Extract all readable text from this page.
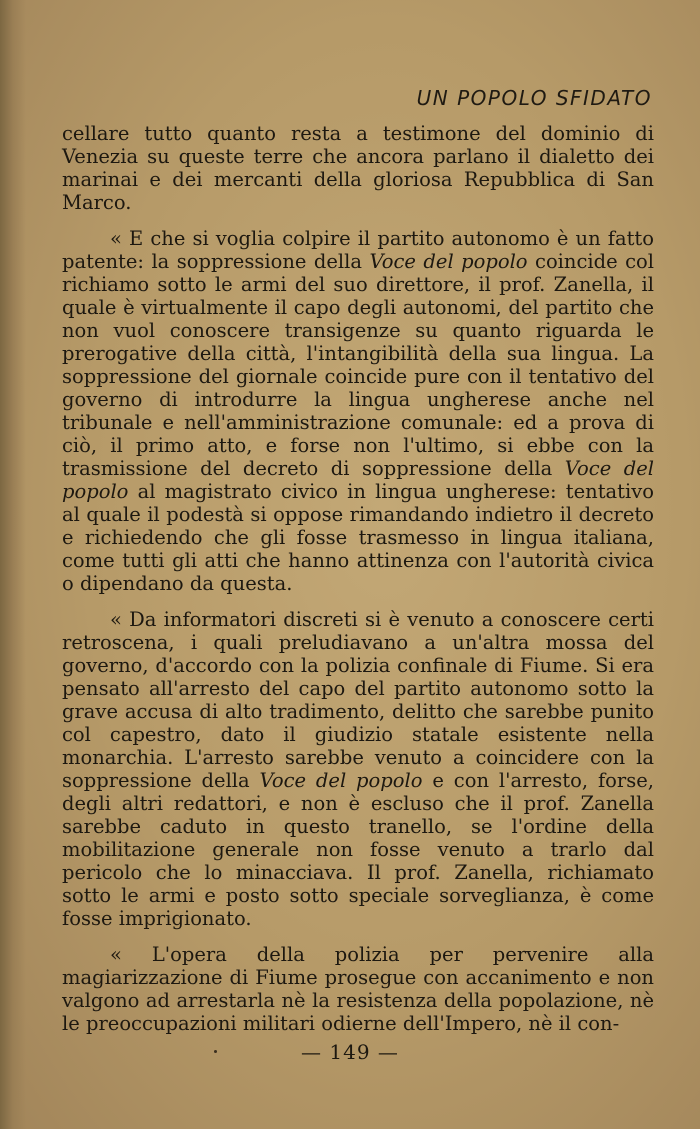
UN POPOLO SFIDATO

cellare tutto quanto resta a testimone del dominio di Venezia su queste terre che ancora parlano il dialetto dei marinai e dei mercanti della gloriosa Repubblica di San Marco.

« E che si voglia colpire il partito autonomo è un fatto patente: la soppressione della Voce del popolo coincide col richiamo sotto le armi del suo direttore, il prof. Zanella, il quale è virtualmente il capo degli autonomi, del partito che non vuol conoscere transigenze su quanto riguarda le prerogative della città, l'intangibilità della sua lingua. La soppressione del giornale coincide pure con il tentativo del governo di introdurre la lingua ungherese anche nel tribunale e nell'amministrazione comunale: ed a prova di ciò, il primo atto, e forse non l'ultimo, si ebbe con la trasmissione del decreto di soppressione della Voce del popolo al magistrato civico in lingua ungherese: tentativo al quale il podestà si oppose rimandando indietro il decreto e richiedendo che gli fosse trasmesso in lingua italiana, come tutti gli atti che hanno attinenza con l'autorità civica o dipendano da questa.

« Da informatori discreti si è venuto a conoscere certi retroscena, i quali preludiavano a un'altra mossa del governo, d'accordo con la polizia confinale di Fiume. Si era pensato all'arresto del capo del partito autonomo sotto la grave accusa di alto tradimento, delitto che sarebbe punito col capestro, dato il giudizio statale esistente nella monarchia. L'arresto sarebbe venuto a coincidere con la soppressione della Voce del popolo e con l'arresto, forse, degli altri redattori, e non è escluso che il prof. Zanella sarebbe caduto in questo tranello, se l'ordine della mobilitazione generale non fosse venuto a trarlo dal pericolo che lo minacciava. Il prof. Zanella, richiamato sotto le armi e posto sotto speciale sorveglianza, è come fosse imprigionato.

« L'opera della polizia per pervenire alla magiarizzazione di Fiume prosegue con accanimento e non valgono ad arrestarla nè la resistenza della popolazione, nè le preoccupazioni militari odierne dell'Impero, nè il con-

— 149 —
